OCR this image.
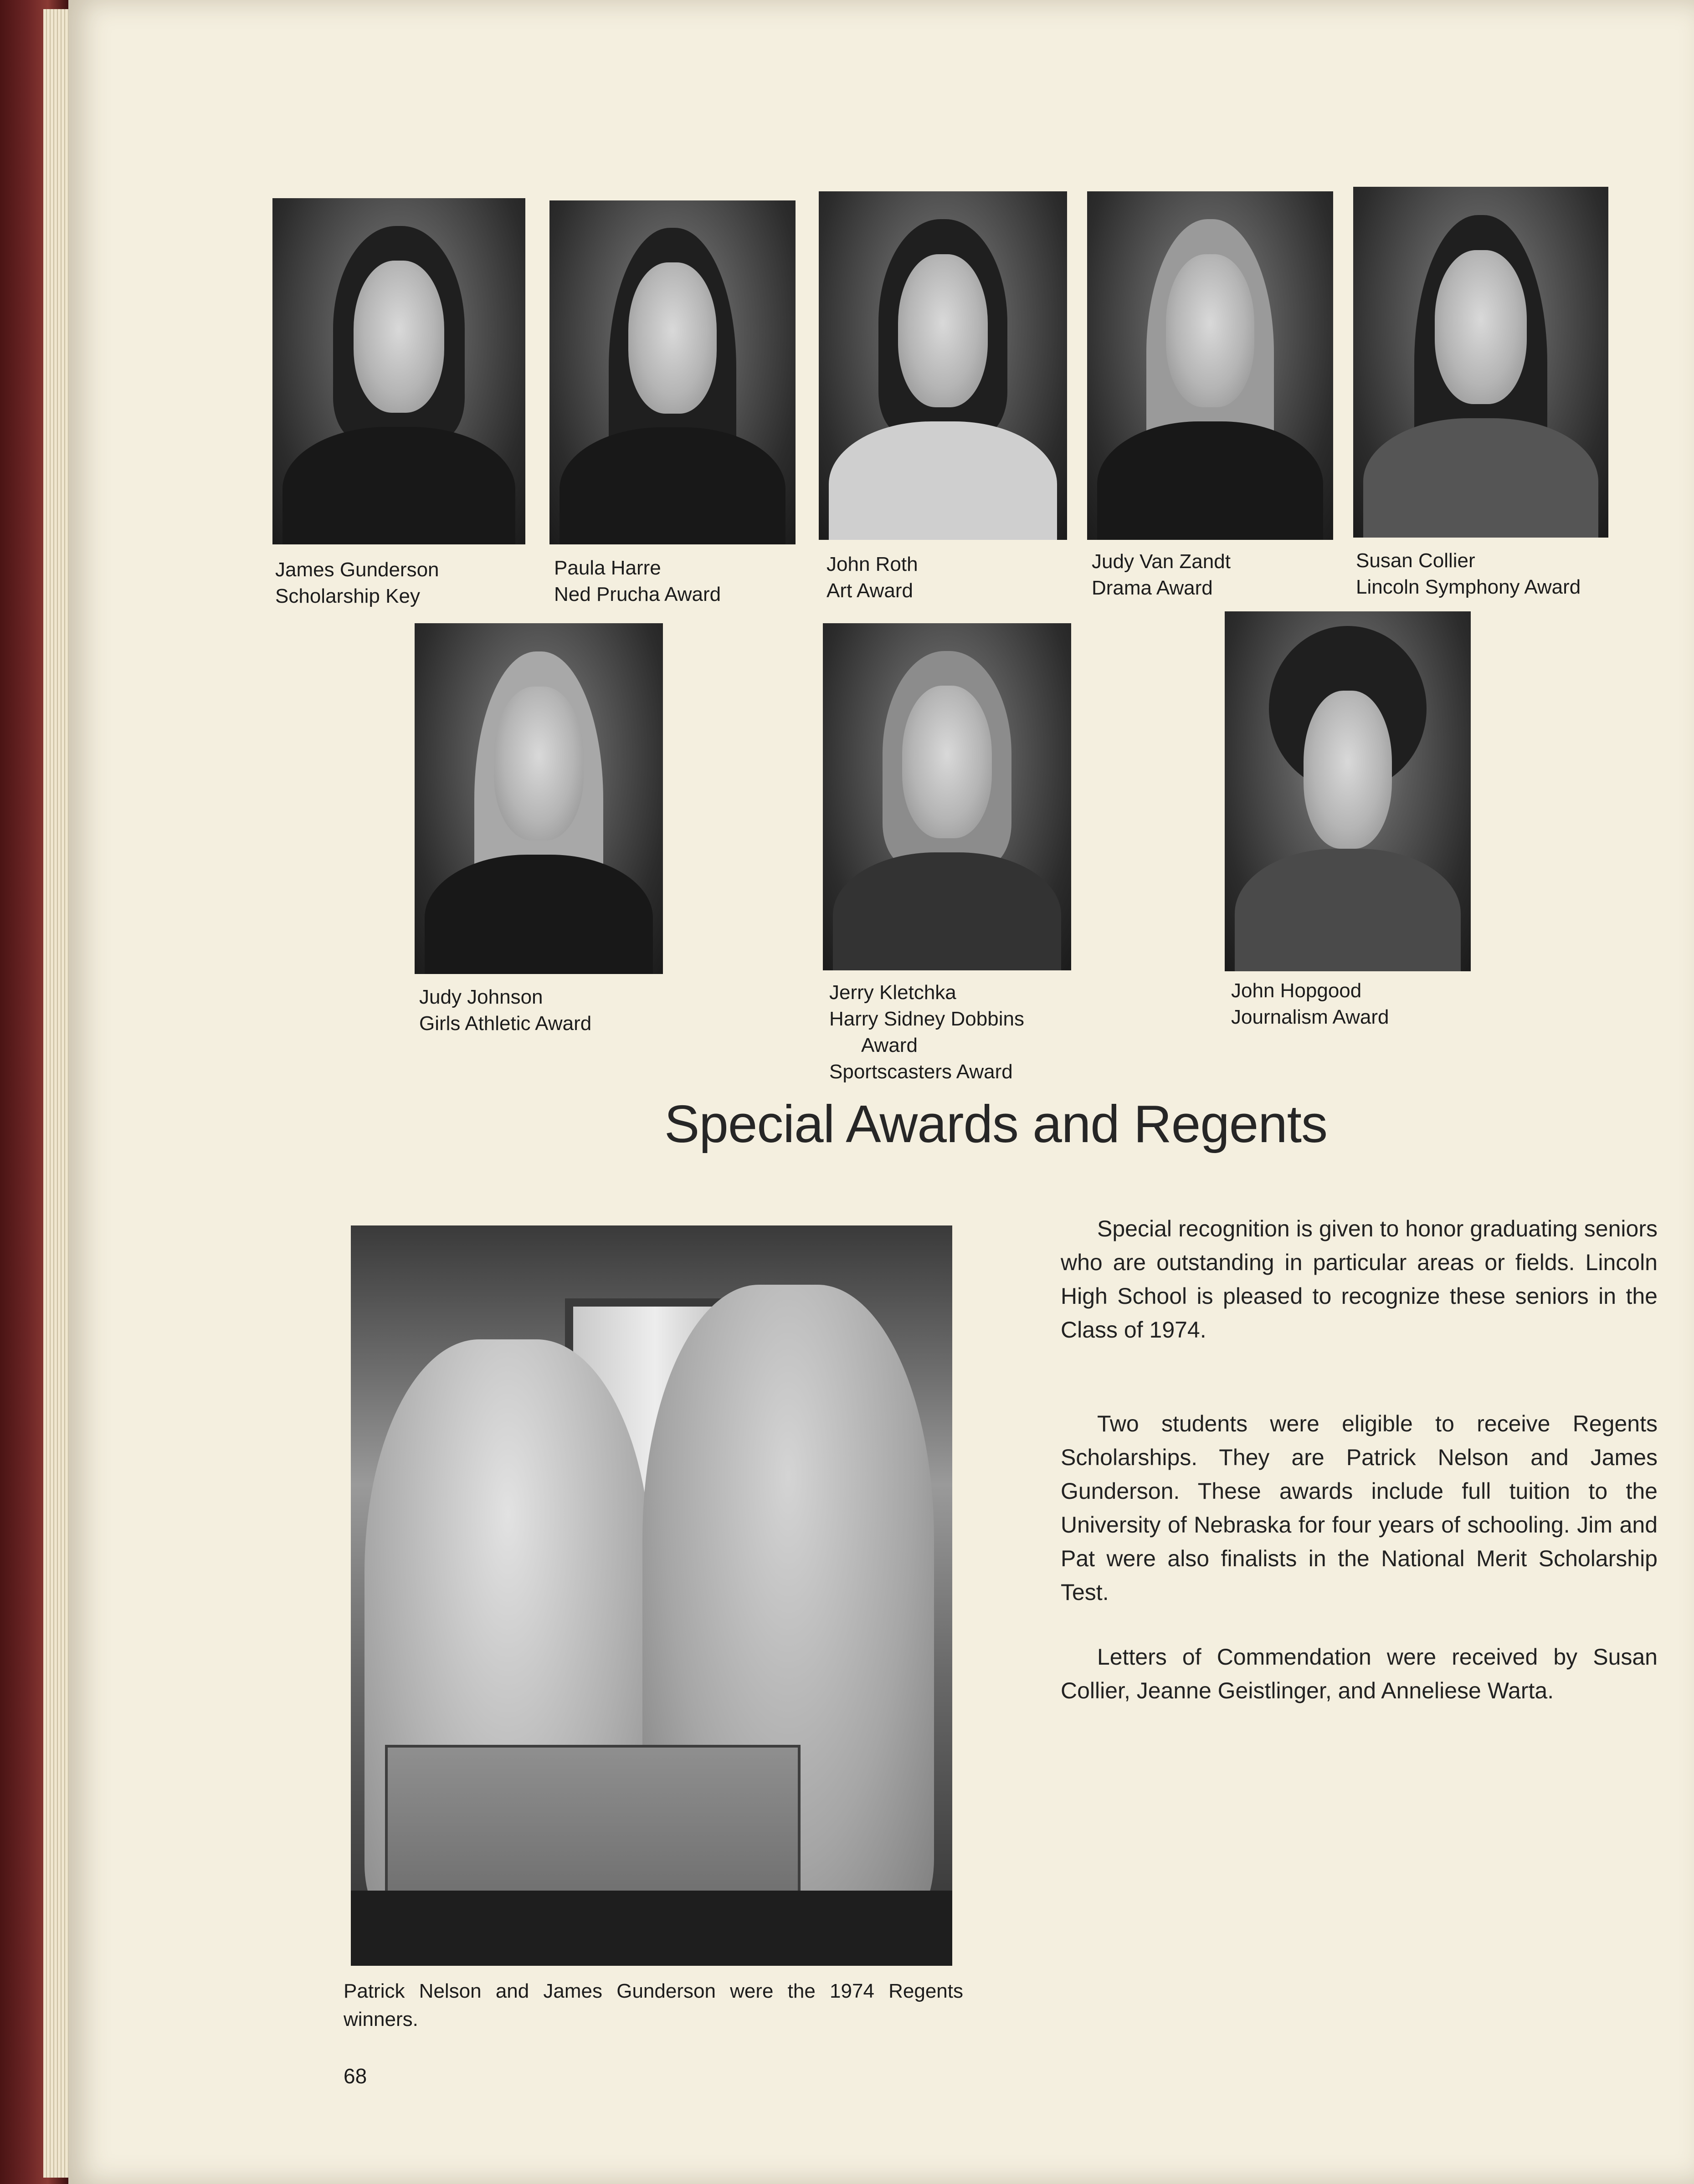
James Gunderson
Scholarship Key
Paula Harre
Ned Prucha Award
John Roth
Art Award
Judy Van Zandt
Drama Award
Susan Collier
Lincoln Symphony Award
Judy Johnson
Girls Athletic Award
Jerry Kletchka
Harry Sidney Dobbins
Award
Sportscasters Award
John Hopgood
Journalism Award
Special Awards and Regents

Special recognition is given to honor graduating seniors who are outstanding in particular areas or fields. Lincoln High School is pleased to recognize these seniors in the Class of 1974.

Two students were eligible to receive Regents Scholarships. They are Patrick Nelson and James Gunderson. These awards include full tuition to the University of Nebraska for four years of schooling. Jim and Pat were also finalists in the National Merit Scholarship Test.

Letters of Commendation were received by Susan Collier, Jeanne Geistlinger, and Anneliese Warta.

Patrick Nelson and James Gunderson were the 1974 Regents winners.
68
